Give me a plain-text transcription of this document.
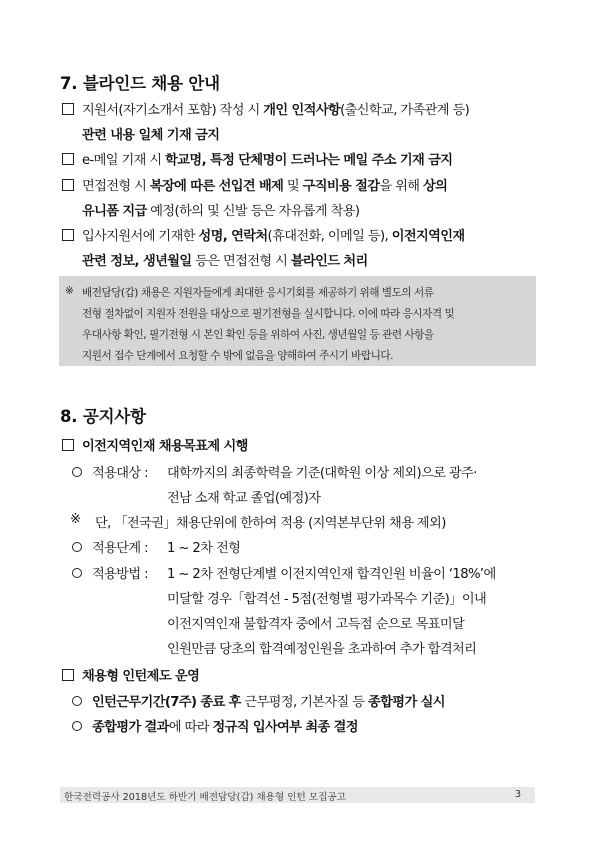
7. 블라인드 채용 안내
지원서(자기소개서 포함) 작성 시 개인 인적사항(출신학교, 가족관계 등)
관련 내용 일체 기재 금지
e-메일 기재 시 학교명, 특정 단체명이 드러나는 메일 주소 기재 금지
면접전형 시 복장에 따른 선입견 배제 및 구직비용 절감을 위해 상의
유니폼 지급 예정(하의 및 신발 등은 자유롭게 착용)
입사지원서에 기재한 성명, 연락처(휴대전화, 이메일 등), 이전지역인재
관련 정보, 생년월일 등은 면접전형 시 블라인드 처리
※ 배전담당(갑) 채용은 지원자들에게 최대한 응시기회를 제공하기 위해 별도의 서류
전형 절차없이 지원자 전원을 대상으로 필기전형을 실시합니다. 이에 따라 응시자격 및
우대사항 확인, 필기전형 시 본인 확인 등을 위하여 사진, 생년월일 등 관련 사항을
지원서 접수 단계에서 요청할 수 밖에 없음을 양해하여 주시기 바랍니다.
8. 공지사항
이전지역인재 채용목표제 시행
적용대상 : 대학까지의 최종학력을 기준(대학원 이상 제외)으로 광주·
전남 소재 학교 졸업(예정)자
※ 단, 「전국권」채용단위에 한하여 적용 (지역본부단위 채용 제외)
적용단계 : 1 ~ 2차 전형
적용방법 : 1 ~ 2차 전형단계별 이전지역인재 합격인원 비율이 ‘18%’에
미달할 경우「합격선 - 5점(전형별 평가과목수 기준)」이내
이전지역인재 불합격자 중에서 고득점 순으로 목표미달
인원만큼 당초의 합격예정인원을 초과하여 추가 합격처리
채용형 인턴제도 운영
인턴근무기간(7주) 종료 후 근무평정, 기본자질 등 종합평가 실시
종합평가 결과에 따라 정규직 입사여부 최종 결정
한국전력공사 2018년도 하반기 배전담당(갑) 채용형 인턴 모집공고	3
